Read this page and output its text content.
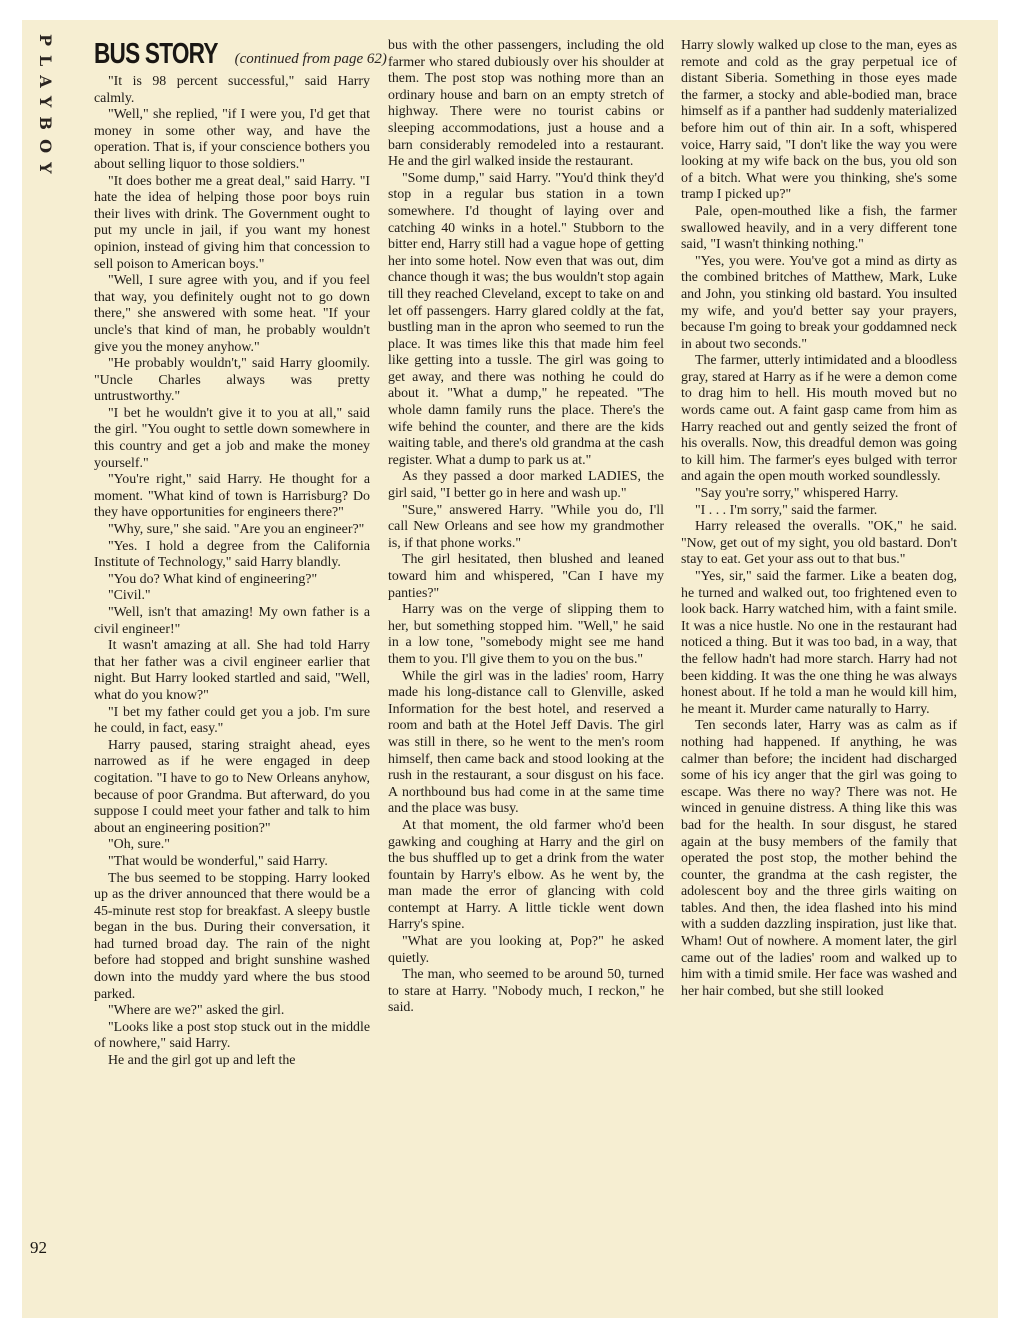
PLAYBOY BUS STORY (continued from page 62)

"It is 98 percent successful," said Harry calmly.

"Well," she replied, "if I were you, I'd get that money in some other way, and have the operation. That is, if your conscience bothers you about selling liquor to those soldiers."

"It does bother me a great deal," said Harry. "I hate the idea of helping those poor boys ruin their lives with drink. The Government ought to put my uncle in jail, if you want my honest opinion, instead of giving him that concession to sell poison to American boys."

"Well, I sure agree with you, and if you feel that way, you definitely ought not to go down there," she answered with some heat. "If your uncle's that kind of man, he probably wouldn't give you the money anyhow."

"He probably wouldn't," said Harry gloomily. "Uncle Charles always was pretty untrustworthy."

"I bet he wouldn't give it to you at all," said the girl. "You ought to settle down somewhere in this country and get a job and make the money yourself."

"You're right," said Harry. He thought for a moment. "What kind of town is Harrisburg? Do they have opportunities for engineers there?"

"Why, sure," she said. "Are you an engineer?"

"Yes. I hold a degree from the California Institute of Technology," said Harry blandly.

"You do? What kind of engineering?"

"Civil."

"Well, isn't that amazing! My own father is a civil engineer!"

It wasn't amazing at all. She had told Harry that her father was a civil engineer earlier that night. But Harry looked startled and said, "Well, what do you know?"

"I bet my father could get you a job. I'm sure he could, in fact, easy."

Harry paused, staring straight ahead, eyes narrowed as if he were engaged in deep cogitation. "I have to go to New Orleans anyhow, because of poor Grandma. But afterward, do you suppose I could meet your father and talk to him about an engineering position?"

"Oh, sure."

"That would be wonderful," said Harry.

The bus seemed to be stopping. Harry looked up as the driver announced that there would be a 45-minute rest stop for breakfast. A sleepy bustle began in the bus. During their conversation, it had turned broad day. The rain of the night before had stopped and bright sunshine washed down into the muddy yard where the bus stood parked.

"Where are we?" asked the girl.

"Looks like a post stop stuck out in the middle of nowhere," said Harry.

He and the girl got up and left the

bus with the other passengers, including the old farmer who stared dubiously over his shoulder at them. The post stop was nothing more than an ordinary house and barn on an empty stretch of highway. There were no tourist cabins or sleeping accommodations, just a house and a barn considerably remodeled into a restaurant. He and the girl walked inside the restaurant.

"Some dump," said Harry. "You'd think they'd stop in a regular bus station in a town somewhere. I'd thought of laying over and catching 40 winks in a hotel." Stubborn to the bitter end, Harry still had a vague hope of getting her into some hotel. Now even that was out, dim chance though it was; the bus wouldn't stop again till they reached Cleveland, except to take on and let off passengers. Harry glared coldly at the fat, bustling man in the apron who seemed to run the place. It was times like this that made him feel like getting into a tussle. The girl was going to get away, and there was nothing he could do about it. "What a dump," he repeated. "The whole damn family runs the place. There's the wife behind the counter, and there are the kids waiting table, and there's old grandma at the cash register. What a dump to park us at."

As they passed a door marked LADIES, the girl said, "I better go in here and wash up."

"Sure," answered Harry. "While you do, I'll call New Orleans and see how my grandmother is, if that phone works."

The girl hesitated, then blushed and leaned toward him and whispered, "Can I have my panties?"

Harry was on the verge of slipping them to her, but something stopped him. "Well," he said in a low tone, "somebody might see me hand them to you. I'll give them to you on the bus."

While the girl was in the ladies' room, Harry made his long-distance call to Glenville, asked Information for the best hotel, and reserved a room and bath at the Hotel Jeff Davis. The girl was still in there, so he went to the men's room himself, then came back and stood looking at the rush in the restaurant, a sour disgust on his face. A northbound bus had come in at the same time and the place was busy.

At that moment, the old farmer who'd been gawking and coughing at Harry and the girl on the bus shuffled up to get a drink from the water fountain by Harry's elbow. As he went by, the man made the error of glancing with cold contempt at Harry. A little tickle went down Harry's spine.

"What are you looking at, Pop?" he asked quietly.

The man, who seemed to be around 50, turned to stare at Harry. "Nobody much, I reckon," he said.

Harry slowly walked up close to the man, eyes as remote and cold as the gray perpetual ice of distant Siberia. Something in those eyes made the farmer, a stocky and able-bodied man, brace himself as if a panther had suddenly materialized before him out of thin air. In a soft, whispered voice, Harry said, "I don't like the way you were looking at my wife back on the bus, you old son of a bitch. What were you thinking, she's some tramp I picked up?"

Pale, open-mouthed like a fish, the farmer swallowed heavily, and in a very different tone said, "I wasn't thinking nothing."

"Yes, you were. You've got a mind as dirty as the combined britches of Matthew, Mark, Luke and John, you stinking old bastard. You insulted my wife, and you'd better say your prayers, because I'm going to break your goddamned neck in about two seconds."

The farmer, utterly intimidated and a bloodless gray, stared at Harry as if he were a demon come to drag him to hell. His mouth moved but no words came out. A faint gasp came from him as Harry reached out and gently seized the front of his overalls. Now, this dreadful demon was going to kill him. The farmer's eyes bulged with terror and again the open mouth worked soundlessly.

"Say you're sorry," whispered Harry.

"I . . . I'm sorry," said the farmer.

Harry released the overalls. "OK," he said. "Now, get out of my sight, you old bastard. Don't stay to eat. Get your ass out to that bus."

"Yes, sir," said the farmer. Like a beaten dog, he turned and walked out, too frightened even to look back. Harry watched him, with a faint smile. It was a nice hustle. No one in the restaurant had noticed a thing. But it was too bad, in a way, that the fellow hadn't had more starch. Harry had not been kidding. It was the one thing he was always honest about. If he told a man he would kill him, he meant it. Murder came naturally to Harry.

Ten seconds later, Harry was as calm as if nothing had happened. If anything, he was calmer than before; the incident had discharged some of his icy anger that the girl was going to escape. Was there no way? There was not. He winced in genuine distress. A thing like this was bad for the health. In sour disgust, he stared again at the busy members of the family that operated the post stop, the mother behind the counter, the grandma at the cash register, the adolescent boy and the three girls waiting on tables. And then, the idea flashed into his mind with a sudden dazzling inspiration, just like that. Wham! Out of nowhere. A moment later, the girl came out of the ladies' room and walked up to him with a timid smile. Her face was washed and her hair combed, but she still looked

92
